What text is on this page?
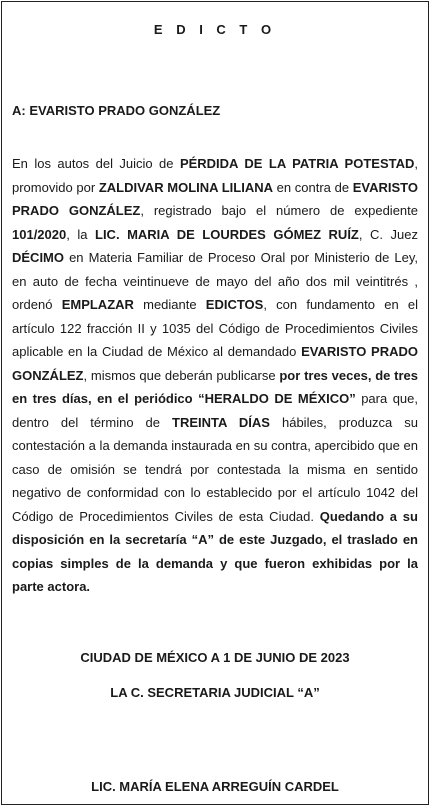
E D I C T O
A: EVARISTO PRADO GONZÁLEZ
En los autos del Juicio de PÉRDIDA DE LA PATRIA POTESTAD, promovido por ZALDIVAR MOLINA LILIANA en contra de EVARISTO PRADO GONZÁLEZ, registrado bajo el número de expediente 101/2020, la LIC. MARIA DE LOURDES GÓMEZ RUÍZ, C. Juez DÉCIMO en Materia Familiar de Proceso Oral por Ministerio de Ley, en auto de fecha veintinueve de mayo del año dos mil veintitrés , ordenó EMPLAZAR mediante EDICTOS, con fundamento en el artículo 122 fracción II y 1035 del Código de Procedimientos Civiles aplicable en la Ciudad de México al demandado EVARISTO PRADO GONZÁLEZ, mismos que deberán publicarse por tres veces, de tres en tres días, en el periódico “HERALDO DE MÉXICO” para que, dentro del término de TREINTA DÍAS hábiles, produzca su contestación a la demanda instaurada en su contra, apercibido que en caso de omisión se tendrá por contestada la misma en sentido negativo de conformidad con lo establecido por el artículo 1042 del Código de Procedimientos Civiles de esta Ciudad. Quedando a su disposición en la secretaría “A” de este Juzgado, el traslado en copias simples de la demanda y que fueron exhibidas por la parte actora.
CIUDAD DE MÉXICO A 1 DE JUNIO DE 2023
LA C. SECRETARIA JUDICIAL “A”
LIC. MARÍA ELENA ARREGUÍN CARDEL
